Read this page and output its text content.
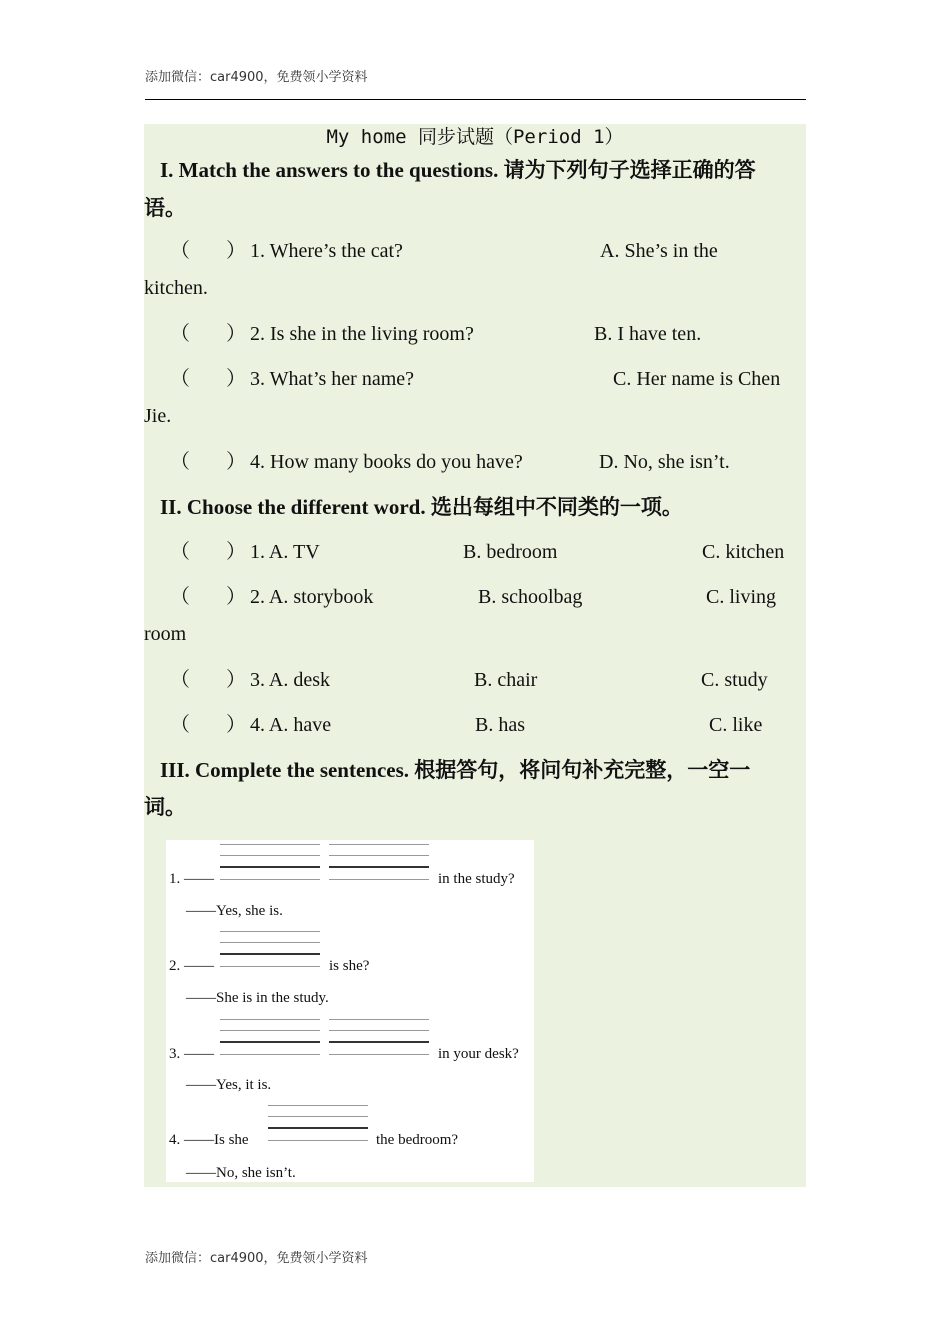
添加微信：car4900，免费领小学资料
My home 同步试题（Period 1）
I. Match the answers to the questions. 请为下列句子选择正确的答
语。
（ ） 1. Where’s the cat?	A. She’s in the
kitchen.
（ ） 2. Is she in the living room?	B. I have ten.
（ ） 3. What’s her name?	C. Her name is Chen
Jie.
（ ） 4. How many books do you have?	D. No, she isn’t.
II. Choose the different word. 选出每组中不同类的一项。
（ ） 1. A. TV	B. bedroom	C. kitchen
（ ） 2. A. storybook	B. schoolbag	C. living
room
（ ） 3. A. desk	B. chair	C. study
（ ） 4. A. have	B. has	C. like
III. Complete the sentences. 根据答句，将问句补充完整，一空一
词。
1. ——	in the study?
——Yes, she is.
2. ——	is she?
——She is in the study.
3. ——	in your desk?
——Yes, it is.
4. ——Is she	the bedroom?
——No, she isn’t.
添加微信：car4900，免费领小学资料
